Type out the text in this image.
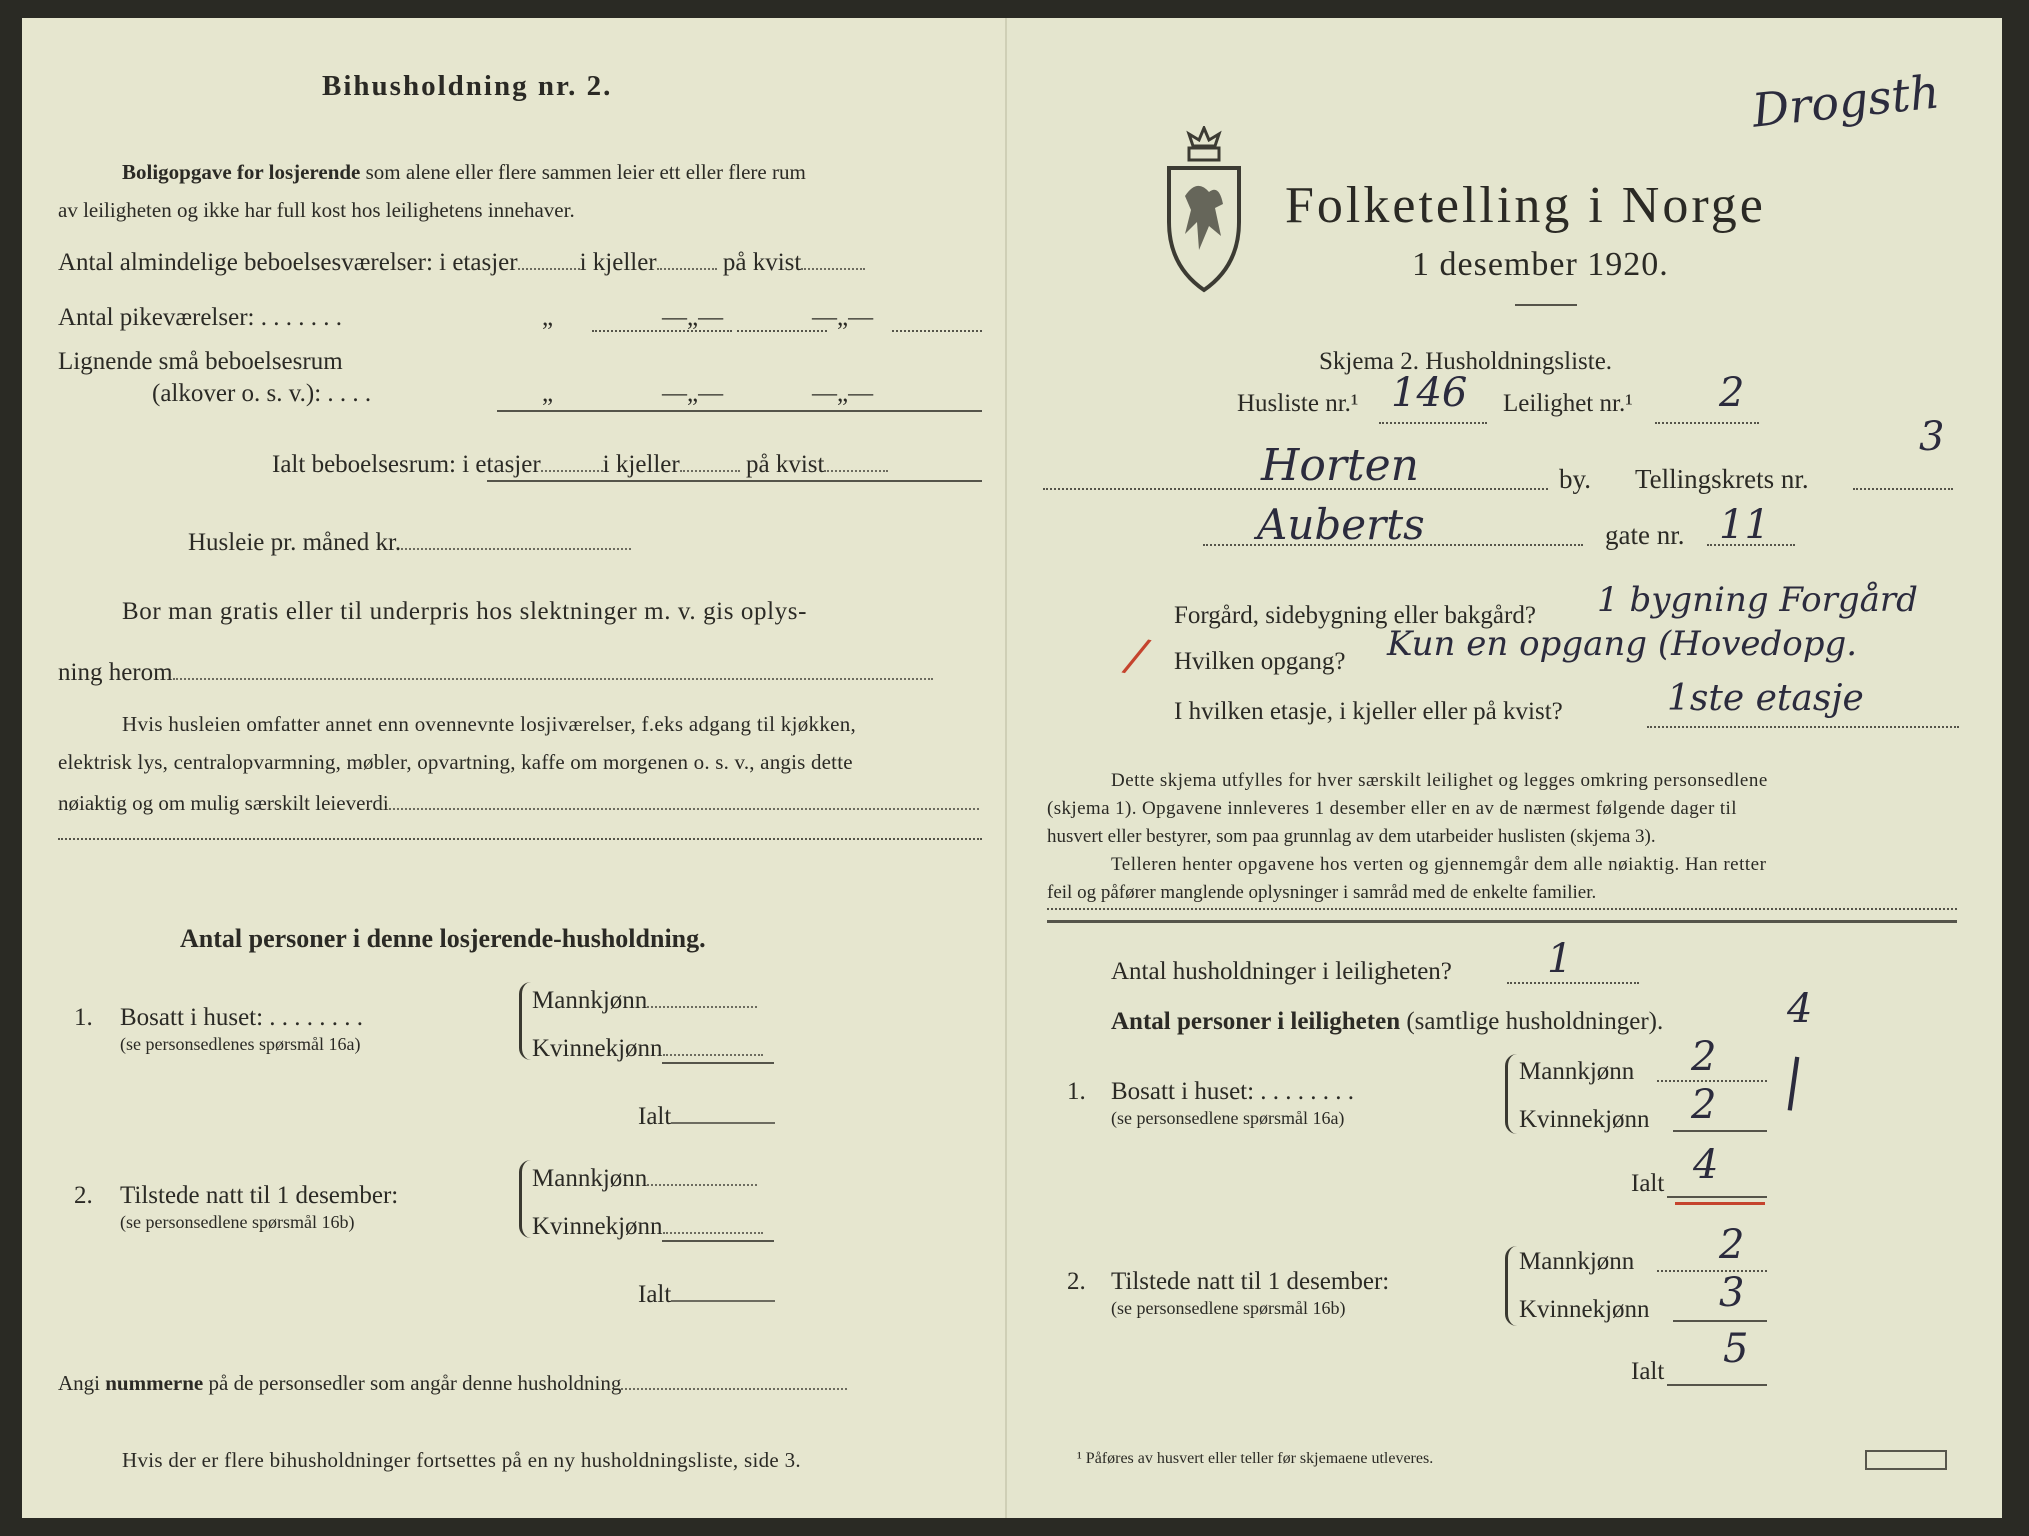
Bihusholdning nr. 2.
Boligopgave for losjerende som alene eller flere sammen leier ett eller flere rum
av leiligheten og ikke har full kost hos leilighetens innehaver.
Antal almindelige beboelsesværelser: i etasjer i kjeller	på kvist
Antal pikeværelser: . . . . . . .	„	—„—	—„—
Lignende små beboelsesrum
(alkover o. s. v.): . . . .	„	—„—	—„—
Ialt beboelsesrum: i etasjer i kjeller	på kvist
Husleie pr. måned kr.
Bor man gratis eller til underpris hos slektninger m. v. gis oplys-
ning herom
Hvis husleien omfatter annet enn ovennevnte losjiværelser, f.eks adgang til kjøkken,
elektrisk lys, centralopvarmning, møbler, opvartning, kaffe om morgenen o. s. v., angis dette
nøiaktig og om mulig særskilt leieverdi
Antal personer i denne losjerende-husholdning.
1. Bosatt i huset: . . . . . . . .
(se personsedlenes spørsmål 16a)
Mannkjønn
Kvinnekjønn
Ialt
2. Tilstede natt til 1 desember:
(se personsedlene spørsmål 16b)
Mannkjønn
Kvinnekjønn
Ialt
Angi nummerne på de personsedler som angår denne husholdning
Hvis der er flere bihusholdninger fortsettes på en ny husholdningsliste, side 3.
Drogsth
Folketelling i Norge
1 desember 1920.
Skjema 2. Husholdningsliste.
Husliste nr.¹ 146 Leilighet nr.¹ 2
3
Horten	by. Tellingskrets nr.
Auberts	gate nr. 11
Forgård, sidebygning eller bakgård? 1 bygning Forgård
/ Hvilken opgang? Kun en opgang (Hovedopg.
I hvilken etasje, i kjeller eller på kvist?	1ste etasje
Dette skjema utfylles for hver særskilt leilighet og legges omkring personsedlene
(skjema 1). Opgavene innleveres 1 desember eller en av de nærmest følgende dager til
husvert eller bestyrer, som paa grunnlag av dem utarbeider huslisten (skjema 3).
Telleren henter opgavene hos verten og gjennemgår dem alle nøiaktig. Han retter
feil og påfører manglende oplysninger i samråd med de enkelte familier.
Antal husholdninger i leiligheten? 1
Antal personer i leiligheten (samtlige husholdninger).	4
|
1. Bosatt i huset: . . . . . . . .
(se personsedlene spørsmål 16a)
Mannkjønn 2
Kvinnekjønn 2
Ialt 4
2. Tilstede natt til 1 desember:
(se personsedlene spørsmål 16b)
Mannkjønn 2
Kvinnekjønn 3
Ialt 5
¹ Påføres av husvert eller teller før skjemaene utleveres.
